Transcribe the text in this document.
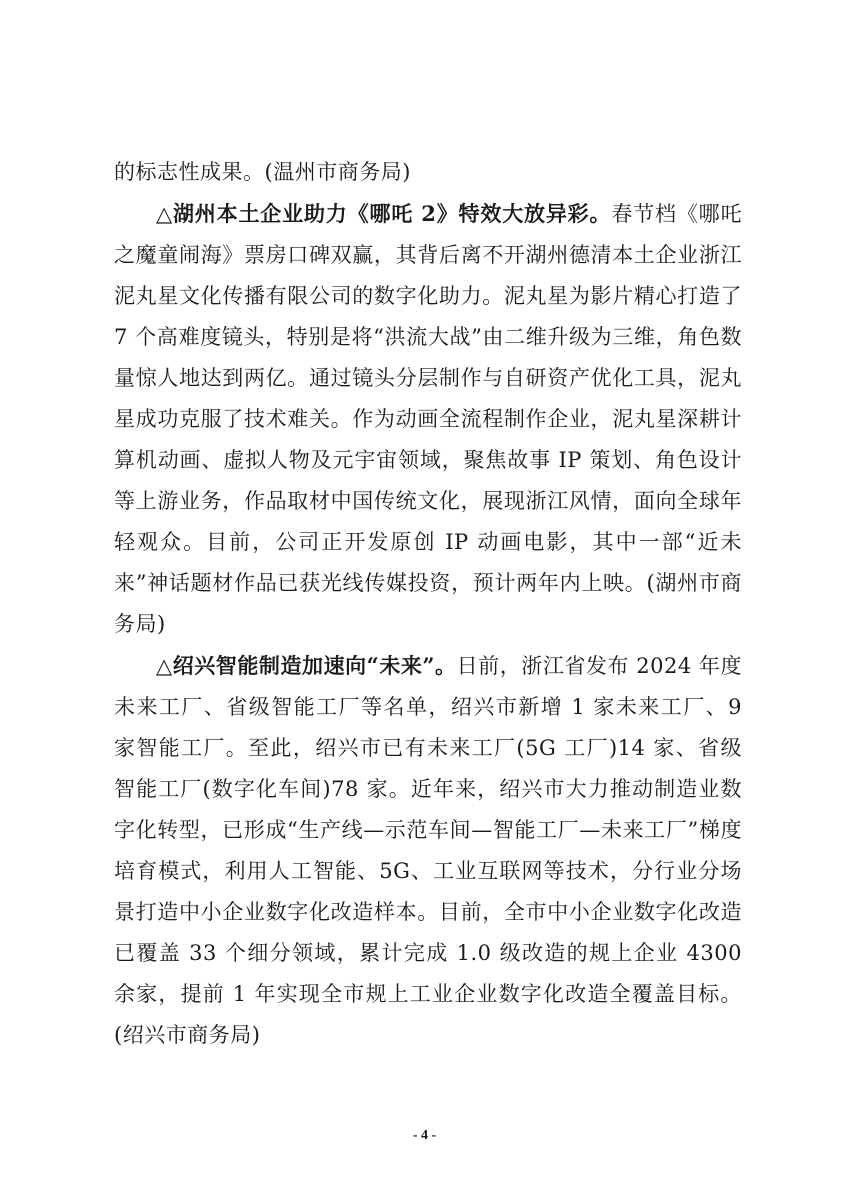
的标志性成果。(温州市商务局)

△湖州本土企业助力《哪吒 2》特效大放异彩。春节档《哪吒之魔童闹海》票房口碑双赢，其背后离不开湖州德清本土企业浙江泥丸星文化传播有限公司的数字化助力。泥丸星为影片精心打造了 7 个高难度镜头，特别是将“洪流大战”由二维升级为三维，角色数量惊人地达到两亿。通过镜头分层制作与自研资产优化工具，泥丸星成功克服了技术难关。作为动画全流程制作企业，泥丸星深耕计算机动画、虚拟人物及元宇宙领域，聚焦故事 IP 策划、角色设计等上游业务，作品取材中国传统文化，展现浙江风情，面向全球年轻观众。目前，公司正开发原创 IP 动画电影，其中一部“近未来”神话题材作品已获光线传媒投资，预计两年内上映。(湖州市商务局)

△绍兴智能制造加速向“未来”。日前，浙江省发布 2024 年度未来工厂、省级智能工厂等名单，绍兴市新增 1 家未来工厂、9 家智能工厂。至此，绍兴市已有未来工厂(5G 工厂)14 家、省级智能工厂(数字化车间)78 家。近年来，绍兴市大力推动制造业数字化转型，已形成“生产线—示范车间—智能工厂—未来工厂”梯度培育模式，利用人工智能、5G、工业互联网等技术，分行业分场景打造中小企业数字化改造样本。目前，全市中小企业数字化改造已覆盖 33 个细分领域，累计完成 1.0 级改造的规上企业 4300 余家，提前 1 年实现全市规上工业企业数字化改造全覆盖目标。(绍兴市商务局)

- 4 -
